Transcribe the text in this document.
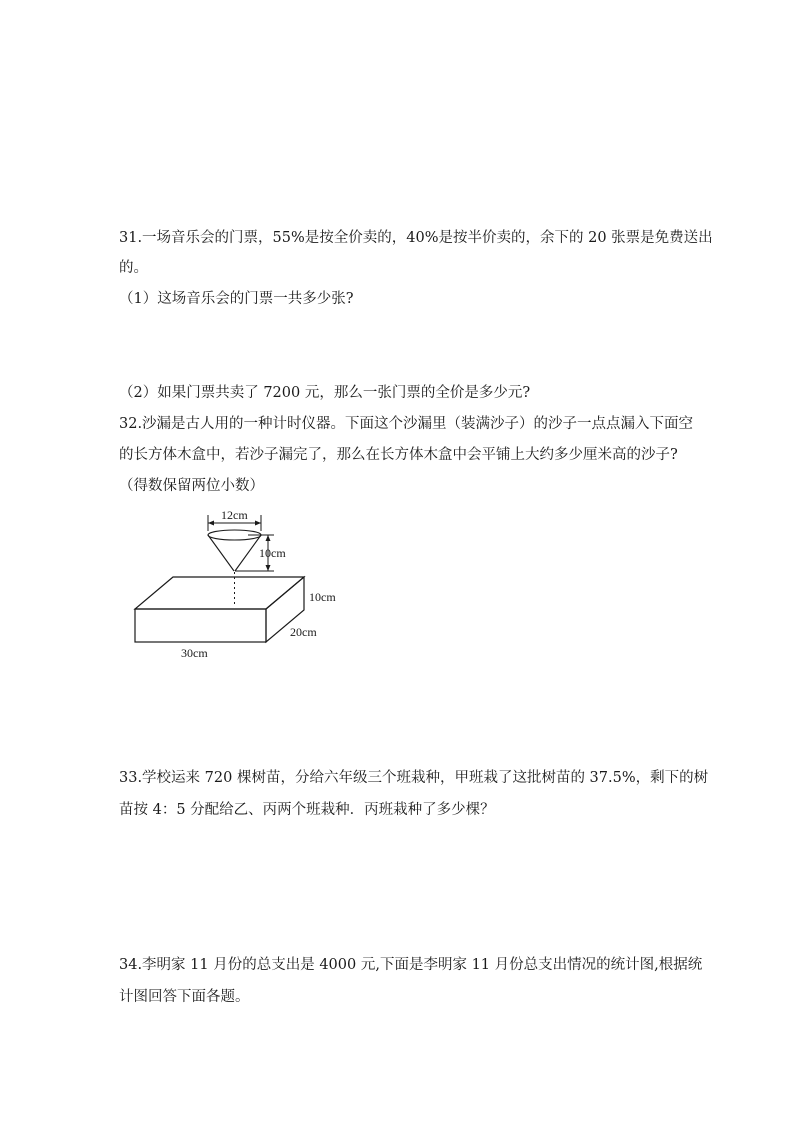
31.一场音乐会的门票，55%是按全价卖的，40%是按半价卖的，余下的 20 张票是免费送出

的。

（1）这场音乐会的门票一共多少张?

（2）如果门票共卖了 7200 元，那么一张门票的全价是多少元?

32.沙漏是古人用的一种计时仪器。下面这个沙漏里（装满沙子）的沙子一点点漏入下面空

的长方体木盒中，若沙子漏完了，那么在长方体木盒中会平铺上大约多少厘米高的沙子?

（得数保留两位小数）

12cm
10cm
10cm
20cm
30cm

33.学校运来 720 棵树苗，分给六年级三个班栽种，甲班栽了这批树苗的 37.5%，剩下的树

苗按 4：5 分配给乙、丙两个班栽种．丙班栽种了多少棵？

34.李明家 11 月份的总支出是 4000 元,下面是李明家 11 月份总支出情况的统计图,根据统

计图回答下面各题。
